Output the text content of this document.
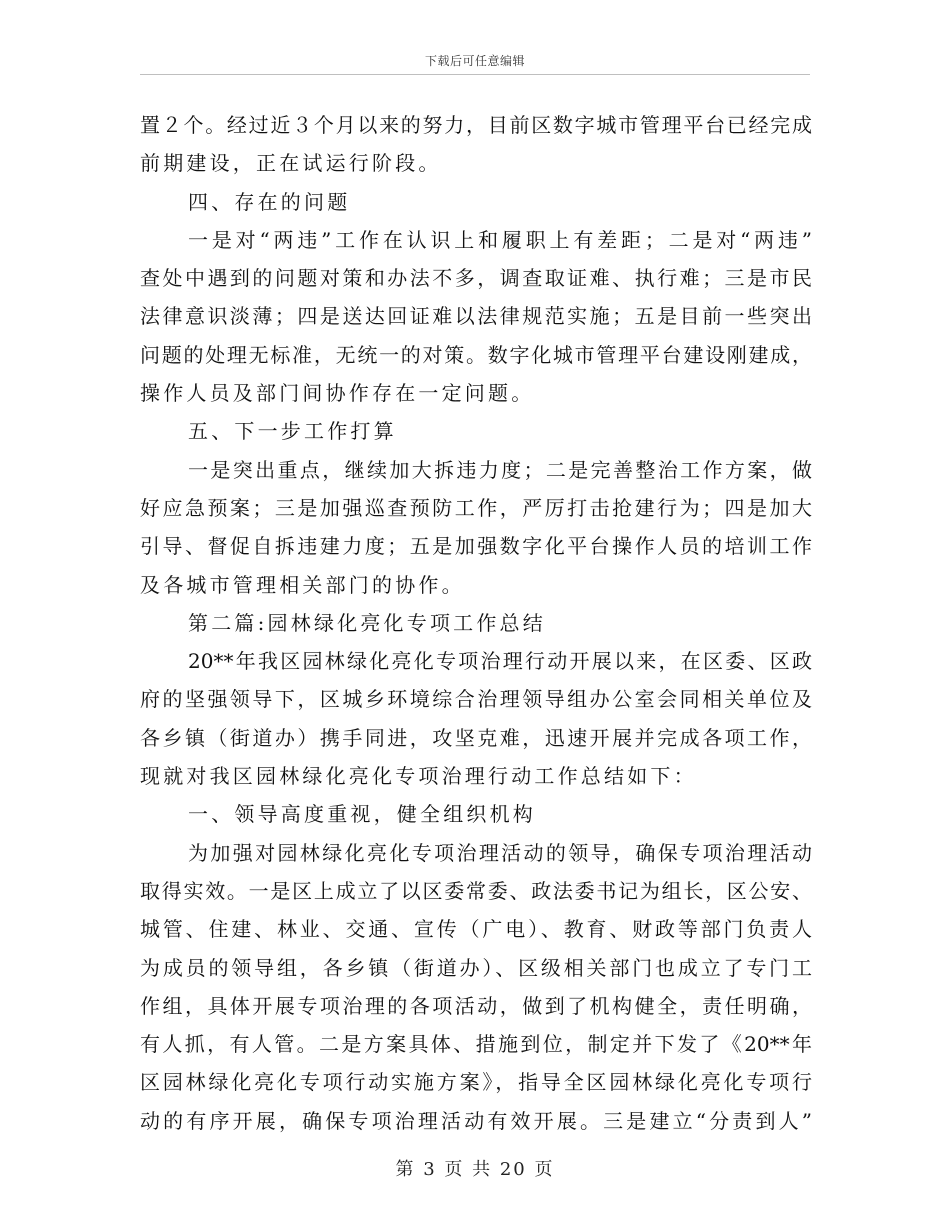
下载后可任意编辑
置２个。经过近３个月以来的努力，目前区数字城市管理平台已经完成
前期建设，正在试运行阶段。
四、存在的问题
一是对“两违”工作在认识上和履职上有差距；二是对“两违”
查处中遇到的问题对策和办法不多，调查取证难、执行难；三是市民
法律意识淡薄；四是送达回证难以法律规范实施；五是目前一些突出
问题的处理无标准，无统一的对策。数字化城市管理平台建设刚建成，
操作人员及部门间协作存在一定问题。
五、下一步工作打算
一是突出重点，继续加大拆违力度；二是完善整治工作方案，做
好应急预案；三是加强巡查预防工作，严厉打击抢建行为；四是加大
引导、督促自拆违建力度；五是加强数字化平台操作人员的培训工作
及各城市管理相关部门的协作。
第二篇:园林绿化亮化专项工作总结
20**年我区园林绿化亮化专项治理行动开展以来，在区委、区政
府的坚强领导下，区城乡环境综合治理领导组办公室会同相关单位及
各乡镇（街道办）携手同进，攻坚克难，迅速开展并完成各项工作，
现就对我区园林绿化亮化专项治理行动工作总结如下：
一、领导高度重视，健全组织机构
为加强对园林绿化亮化专项治理活动的领导，确保专项治理活动
取得实效。一是区上成立了以区委常委、政法委书记为组长，区公安、
城管、住建、林业、交通、宣传（广电）、教育、财政等部门负责人
为成员的领导组，各乡镇（街道办）、区级相关部门也成立了专门工
作组，具体开展专项治理的各项活动，做到了机构健全，责任明确，
有人抓，有人管。二是方案具体、措施到位，制定并下发了《20**年
区园林绿化亮化专项行动实施方案》，指导全区园林绿化亮化专项行
动的有序开展，确保专项治理活动有效开展。三是建立“分责到人”
第 3 页 共 20 页
